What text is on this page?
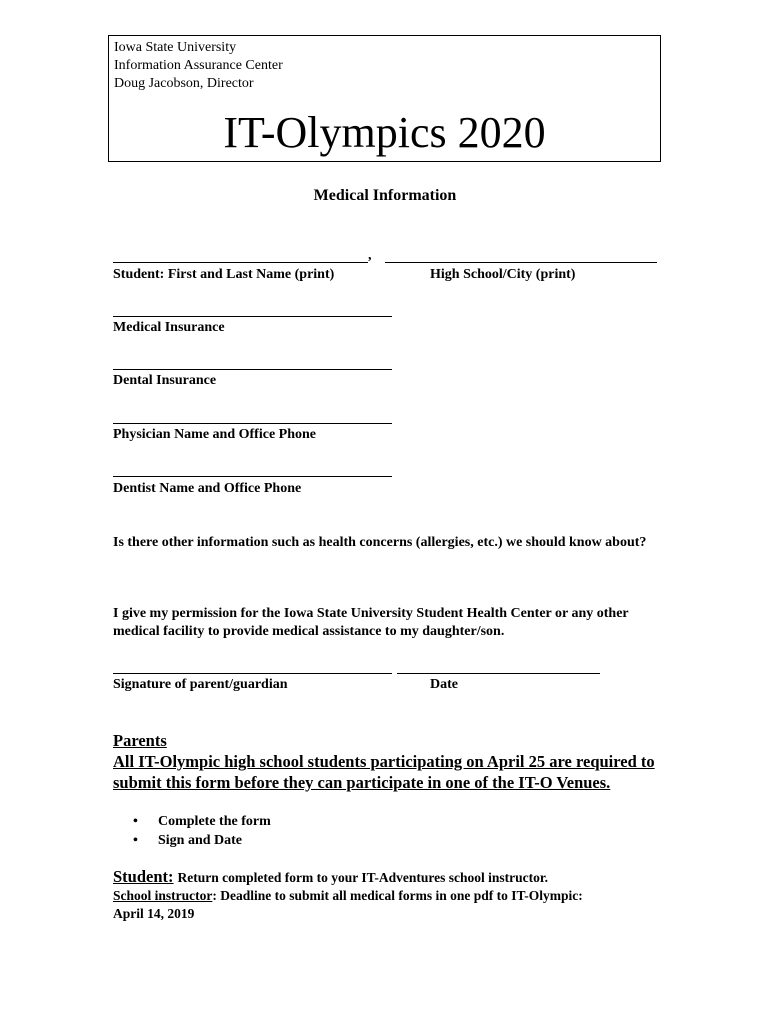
Iowa State University
Information Assurance Center
Doug Jacobson, Director
IT-Olympics 2020
Medical Information
,
Student: First and Last Name (print)	High School/City (print)
Medical Insurance
Dental Insurance
Physician Name and Office Phone
Dentist Name and Office Phone
Is there other information such as health concerns (allergies, etc.) we should know about?
I give my permission for the Iowa State University Student Health Center or any other medical facility to provide medical assistance to my daughter/son.
Signature of parent/guardian	Date
Parents
All IT-Olympic high school students participating on April 25 are required to submit this form before they can participate in one of the IT-O Venues.
• Complete the form
• Sign and Date
Student: Return completed form to your IT-Adventures school instructor.
School instructor: Deadline to submit all medical forms in one pdf to IT-Olympic:
April 14, 2019
